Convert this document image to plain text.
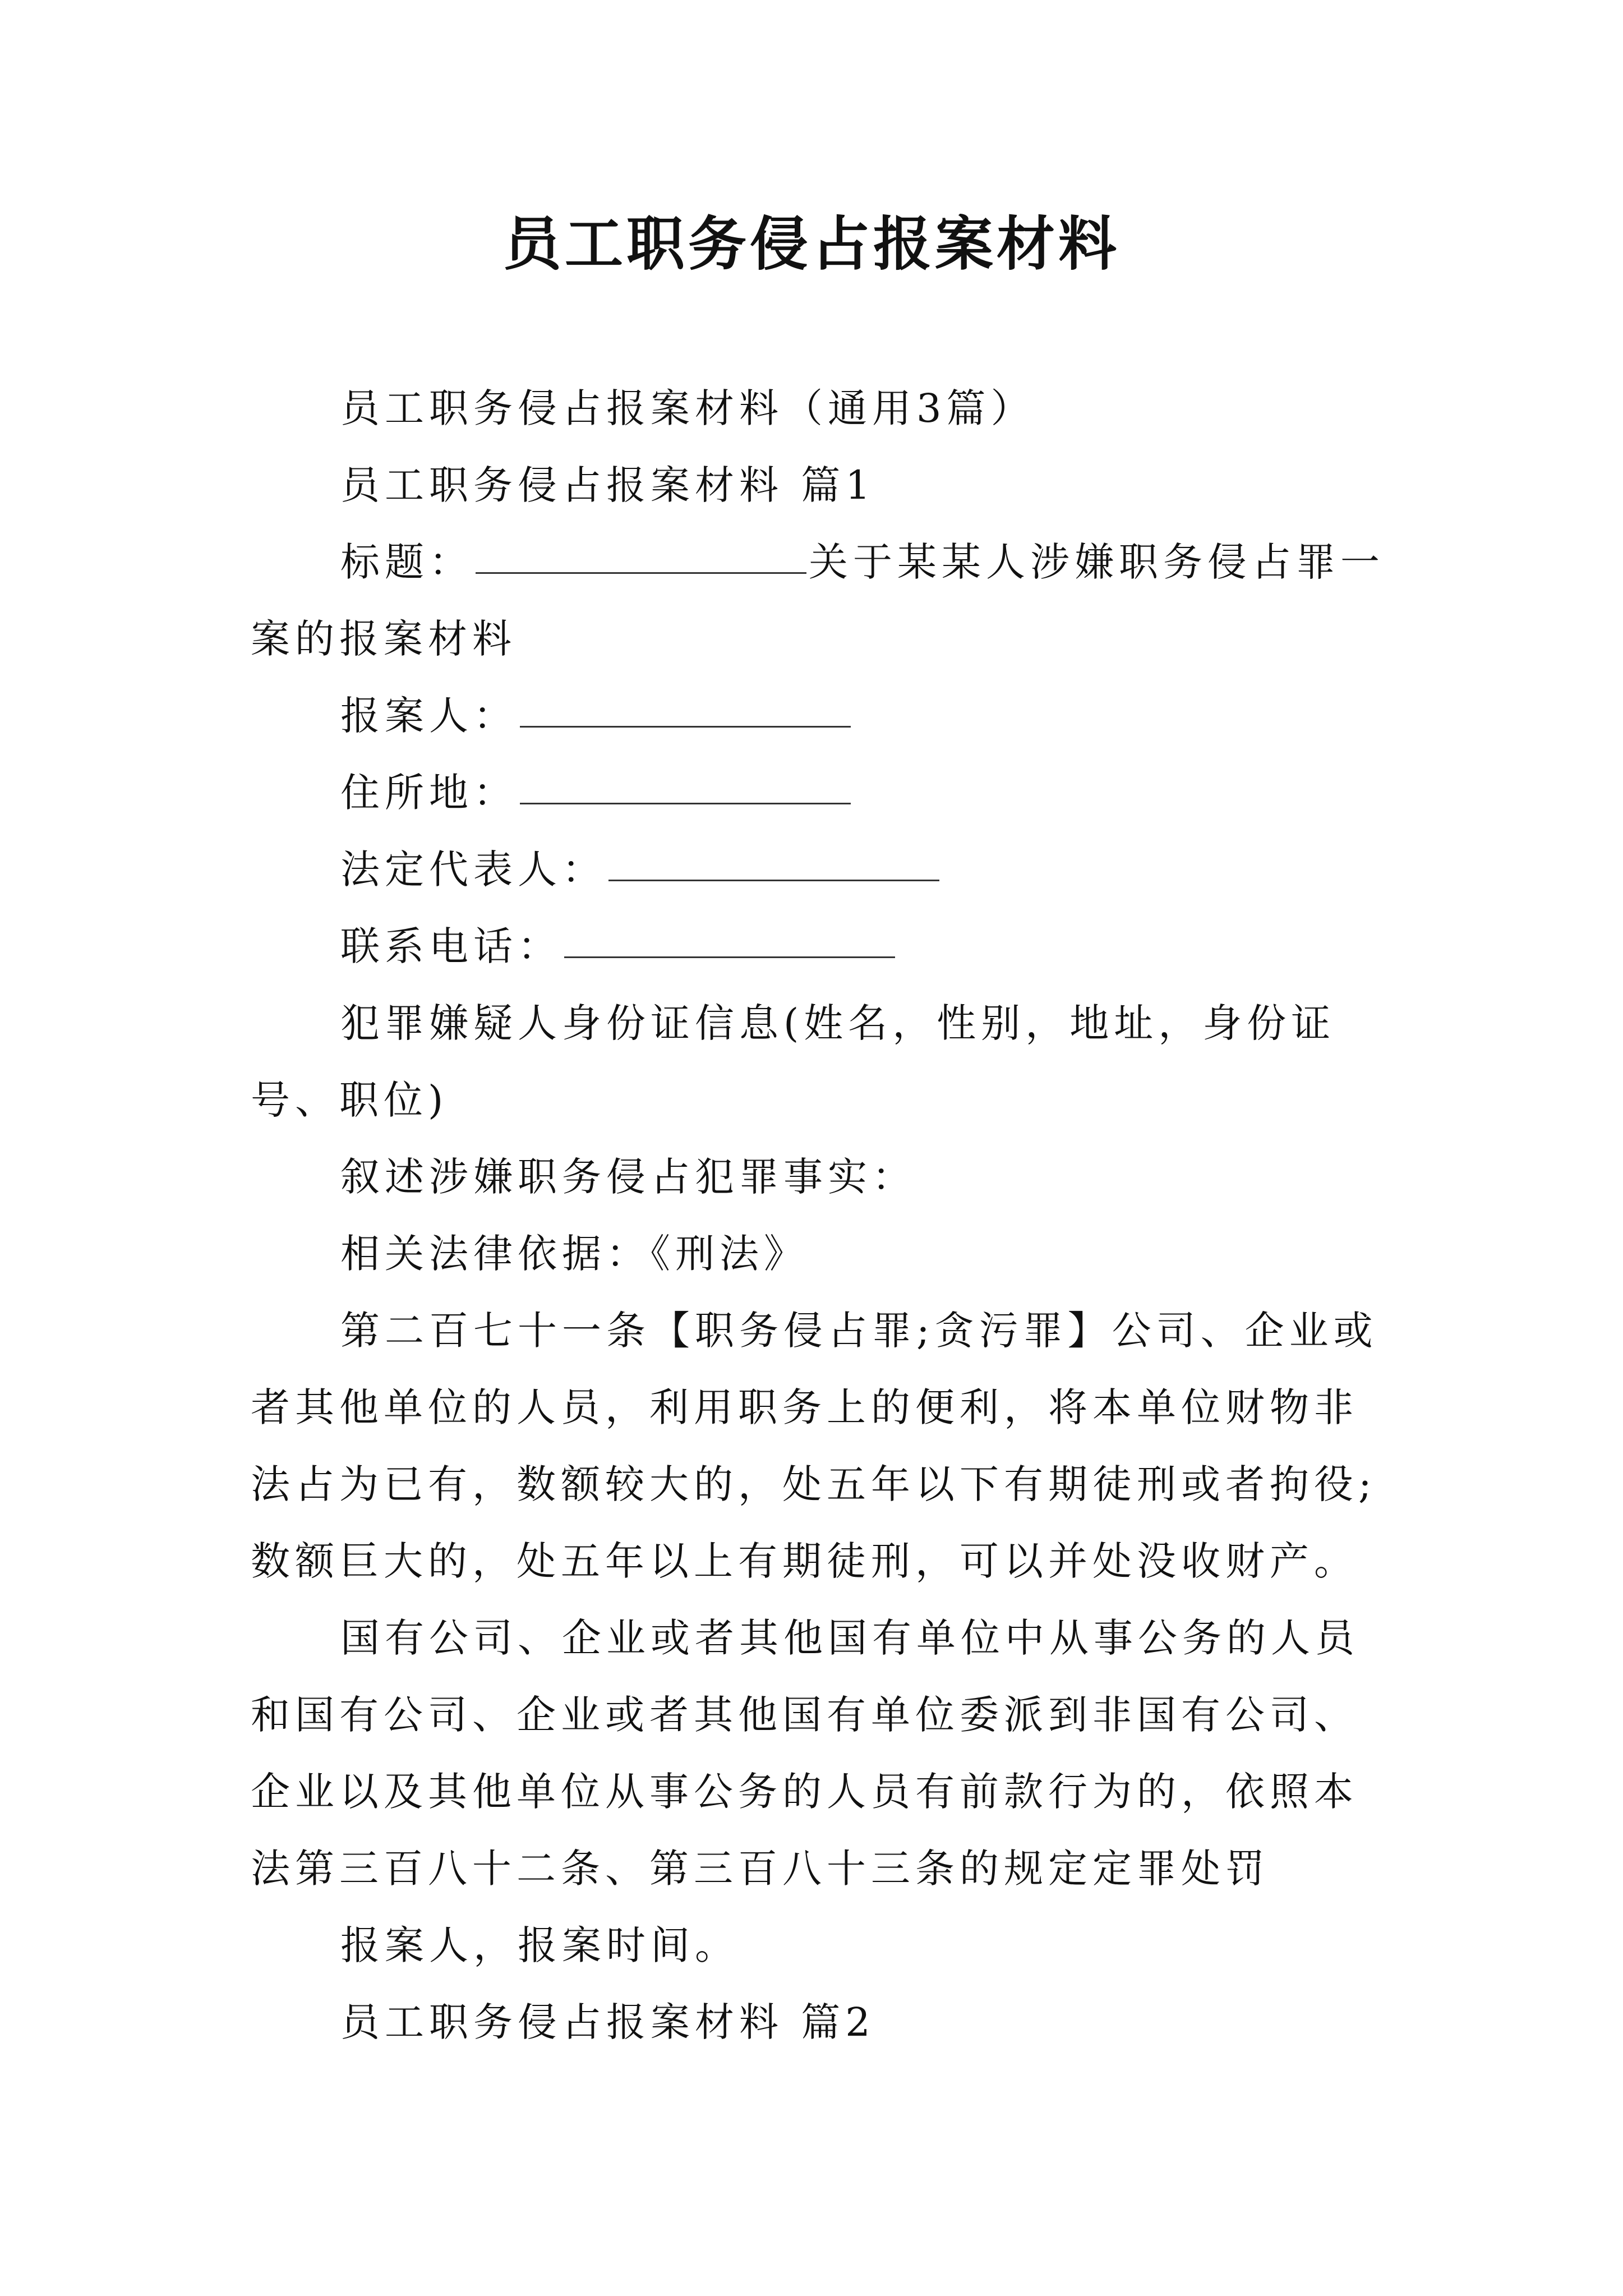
员工职务侵占报案材料

员工职务侵占报案材料（通用3篇）

员工职务侵占报案材料 篇1

标题：	关于某某人涉嫌职务侵占罪一案的报案材料

报案人：

住所地：

法定代表人：

联系电话：

犯罪嫌疑人身份证信息(姓名，性别，地址，身份证号、职位)

叙述涉嫌职务侵占犯罪事实：

相关法律依据：《刑法》

第二百七十一条【职务侵占罪;贪污罪】公司、企业或者其他单位的人员，利用职务上的便利，将本单位财物非法占为已有，数额较大的，处五年以下有期徒刑或者拘役;数额巨大的，处五年以上有期徒刑，可以并处没收财产。

国有公司、企业或者其他国有单位中从事公务的人员和国有公司、企业或者其他国有单位委派到非国有公司、企业以及其他单位从事公务的人员有前款行为的，依照本法第三百八十二条、第三百八十三条的规定定罪处罚

报案人，报案时间。

员工职务侵占报案材料 篇2
